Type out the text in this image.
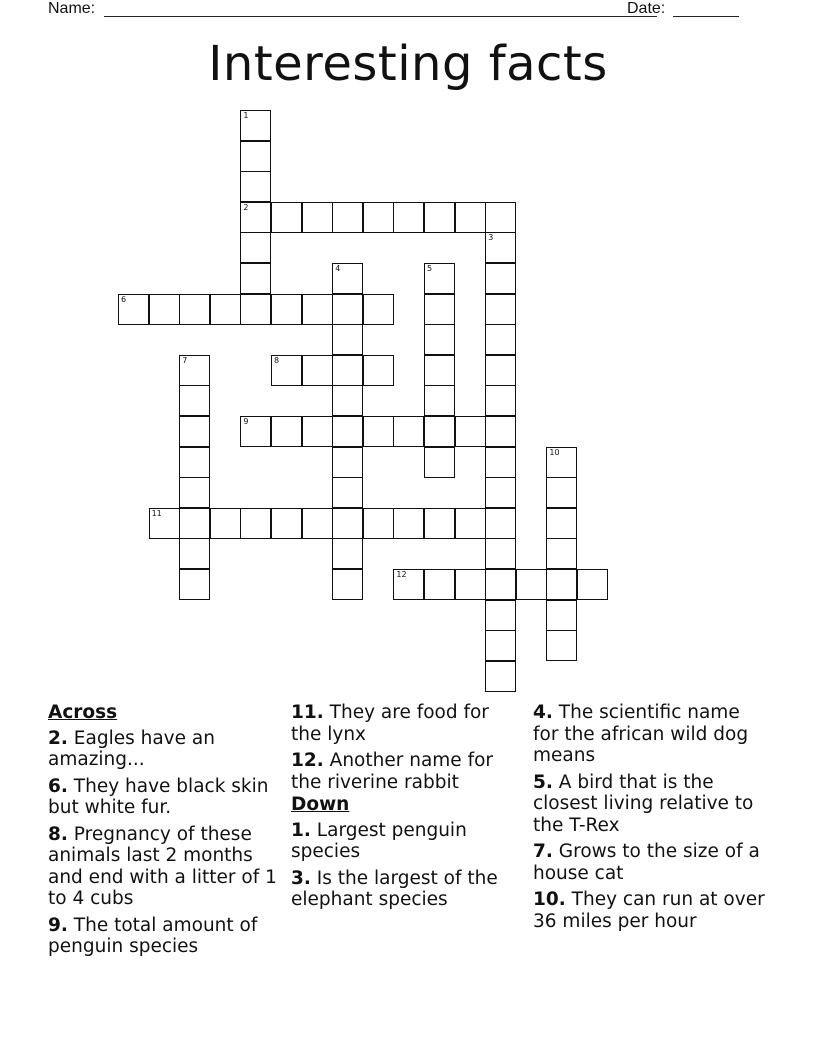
Name:	Date:
Interesting facts
1
2
3
4	5
6
7	8
9
10
11
12
Across
2. Eagles have an amazing...
6. They have black skin but white fur.
8. Pregnancy of these animals last 2 months and end with a litter of 1 to 4 cubs
9. The total amount of penguin species
11. They are food for the lynx
12. Another name for the riverine rabbit
Down
1. Largest penguin species
3. Is the largest of the elephant species
4. The scientific name for the african wild dog means
5. A bird that is the closest living relative to the T-Rex
7. Grows to the size of a house cat
10. They can run at over 36 miles per hour
